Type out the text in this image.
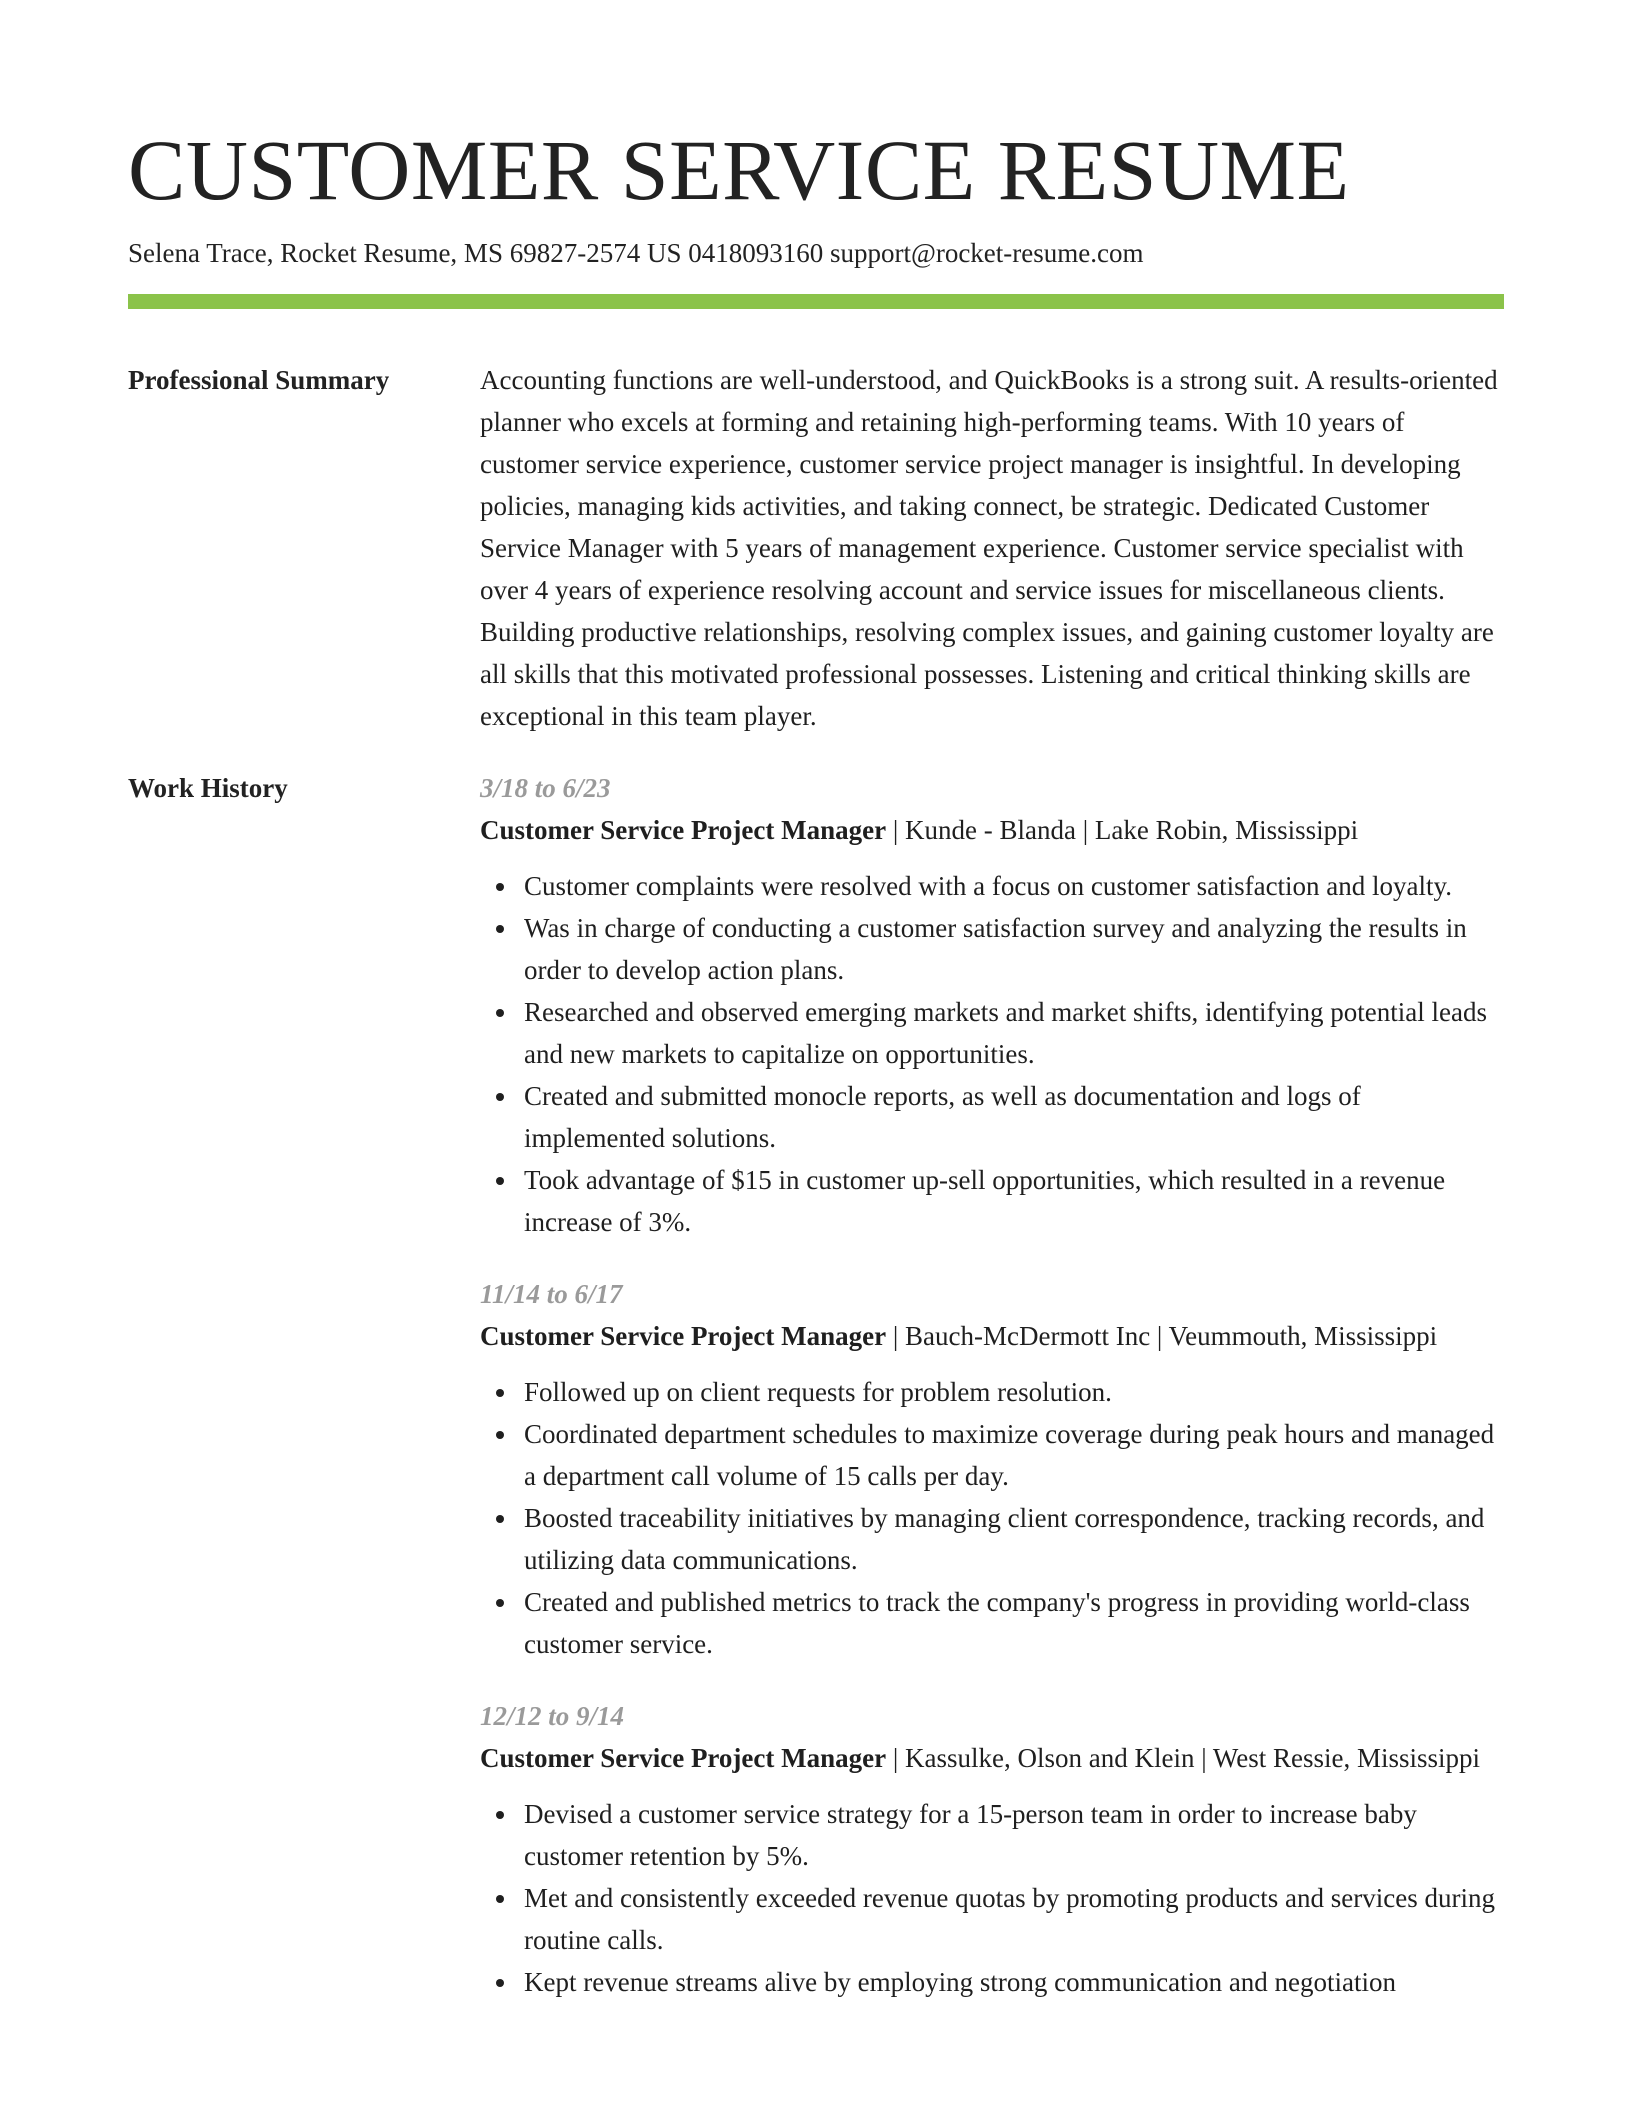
CUSTOMER SERVICE RESUME
Selena Trace, Rocket Resume, MS 69827-2574 US 0418093160 support@rocket-resume.com
Professional Summary	Accounting functions are well-understood, and QuickBooks is a strong suit. A results-oriented planner who excels at forming and retaining high-performing teams. With 10 years of customer service experience, customer service project manager is insightful. In developing policies, managing kids activities, and taking connect, be strategic. Dedicated Customer Service Manager with 5 years of management experience. Customer service specialist with over 4 years of experience resolving account and service issues for miscellaneous clients. Building productive relationships, resolving complex issues, and gaining customer loyalty are all skills that this motivated professional possesses. Listening and critical thinking skills are exceptional in this team player.

Work History	3/18 to 6/23
Customer Service Project Manager | Kunde - Blanda | Lake Robin, Mississippi
Customer complaints were resolved with a focus on customer satisfaction and loyalty.
Was in charge of conducting a customer satisfaction survey and analyzing the results in order to develop action plans.
Researched and observed emerging markets and market shifts, identifying potential leads and new markets to capitalize on opportunities.
Created and submitted monocle reports, as well as documentation and logs of implemented solutions.
Took advantage of $15 in customer up-sell opportunities, which resulted in a revenue increase of 3%.
11/14 to 6/17
Customer Service Project Manager | Bauch-McDermott Inc | Veummouth, Mississippi
Followed up on client requests for problem resolution.
Coordinated department schedules to maximize coverage during peak hours and managed a department call volume of 15 calls per day.
Boosted traceability initiatives by managing client correspondence, tracking records, and utilizing data communications.
Created and published metrics to track the company's progress in providing world-class customer service.
12/12 to 9/14
Customer Service Project Manager | Kassulke, Olson and Klein | West Ressie, Mississippi
Devised a customer service strategy for a 15-person team in order to increase baby customer retention by 5%.
Met and consistently exceeded revenue quotas by promoting products and services during routine calls.
Kept revenue streams alive by employing strong communication and negotiation
